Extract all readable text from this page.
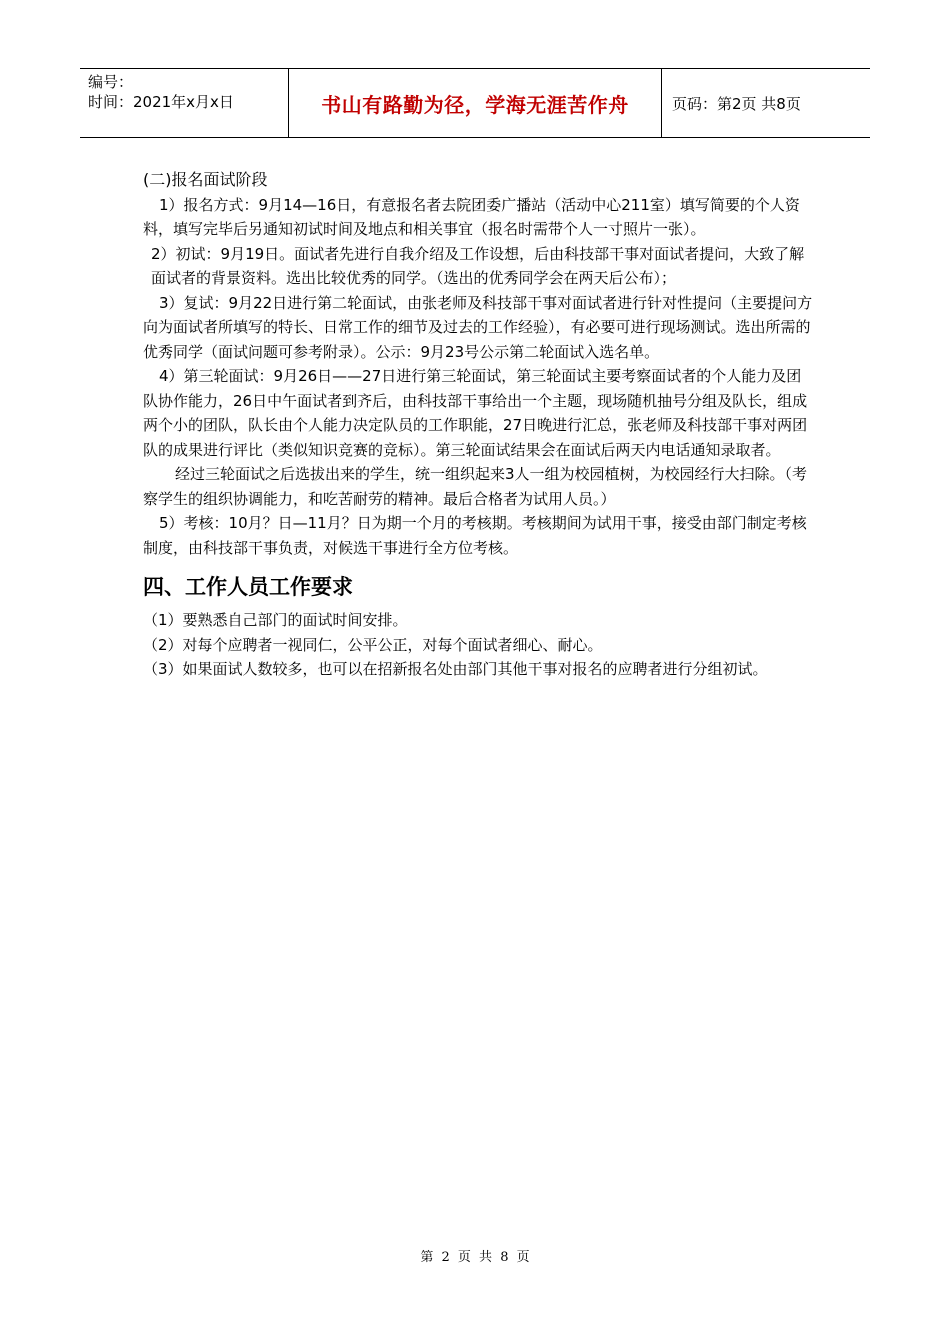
编号：
时间：2021年x月x日	书山有路勤为径，学海无涯苦作舟	页码：第2页 共8页

(二)报名面试阶段

1）报名方式：9月14—16日，有意报名者去院团委广播站（活动中心211室）填写简要的个人资料，填写完毕后另通知初试时间及地点和相关事宜（报名时需带个人一寸照片一张）。

2）初试：9月19日。面试者先进行自我介绍及工作设想，后由科技部干事对面试者提问，大致了解面试者的背景资料。选出比较优秀的同学。（选出的优秀同学会在两天后公布）；

3）复试：9月22日进行第二轮面试，由张老师及科技部干事对面试者进行针对性提问（主要提问方向为面试者所填写的特长、日常工作的细节及过去的工作经验），有必要可进行现场测试。选出所需的优秀同学（面试问题可参考附录）。公示：9月23号公示第二轮面试入选名单。

4）第三轮面试：9月26日——27日进行第三轮面试，第三轮面试主要考察面试者的个人能力及团队协作能力，26日中午面试者到齐后，由科技部干事给出一个主题，现场随机抽号分组及队长，组成两个小的团队，队长由个人能力决定队员的工作职能，27日晚进行汇总，张老师及科技部干事对两团队的成果进行评比（类似知识竞赛的竞标）。第三轮面试结果会在面试后两天内电话通知录取者。

经过三轮面试之后选拔出来的学生，统一组织起来3人一组为校园植树，为校园经行大扫除。（考察学生的组织协调能力，和吃苦耐劳的精神。最后合格者为试用人员。）

5）考核：10月？日—11月？日为期一个月的考核期。考核期间为试用干事，接受由部门制定考核制度，由科技部干事负责，对候选干事进行全方位考核。

四、工作人员工作要求

（1）要熟悉自己部门的面试时间安排。

（2）对每个应聘者一视同仁，公平公正，对每个面试者细心、耐心。

（3）如果面试人数较多，也可以在招新报名处由部门其他干事对报名的应聘者进行分组初试。

第 2 页 共 8 页
